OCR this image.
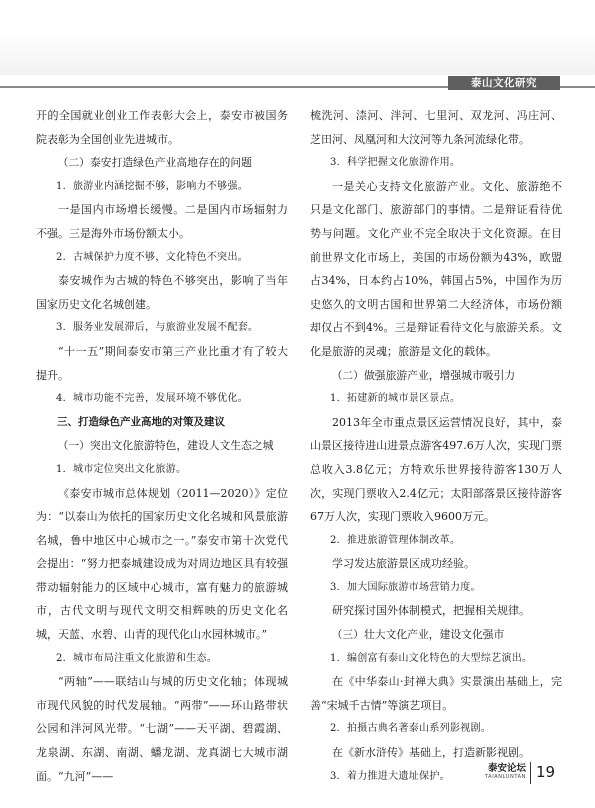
泰山文化研究

开的全国就业创业工作表彰大会上，泰安市被国务院表彰为全国创业先进城市。

（二）泰安打造绿色产业高地存在的问题

1．旅游业内涵挖掘不够，影响力不够强。

一是国内市场增长缓慢。二是国内市场辐射力不强。三是海外市场份额太小。

2．古城保护力度不够，文化特色不突出。

泰安城作为古城的特色不够突出，影响了当年国家历史文化名城创建。

3．服务业发展滞后，与旅游业发展不配套。

“十一五”期间泰安市第三产业比重才有了较大提升。

4．城市功能不完善，发展环境不够优化。

三、打造绿色产业高地的对策及建议

（一）突出文化旅游特色，建设人文生态之城

1．城市定位突出文化旅游。

《泰安市城市总体规划（2011—2020）》定位为：“以泰山为依托的国家历史文化名城和风景旅游名城，鲁中地区中心城市之一。”泰安市第十次党代会提出：“努力把泰城建设成为对周边地区具有较强带动辐射能力的区域中心城市，富有魅力的旅游城市，古代文明与现代文明交相辉映的历史文化名城，天蓝、水碧、山青的现代化山水园林城市。”

2．城市布局注重文化旅游和生态。

“两轴”——联结山与城的历史文化轴；体现城市现代风貌的时代发展轴。“两带”——环山路带状公园和泮河风光带。“七湖”——天平湖、碧霞湖、龙泉湖、东湖、南湖、蟠龙湖、龙真湖七大城市湖面。“九河”——

梳洗河、渿河、泮河、七里河、双龙河、冯庄河、芝田河、凤凰河和大汶河等九条河流绿化带。

3．科学把握文化旅游作用。

一是关心支持文化旅游产业。文化、旅游绝不只是文化部门、旅游部门的事情。二是辩证看待优势与问题。文化产业不完全取决于文化资源。在目前世界文化市场上，美国的市场份额为43%，欧盟占34%，日本约占10%，韩国占5%，中国作为历史悠久的文明古国和世界第二大经济体，市场份额却仅占不到4%。三是辩证看待文化与旅游关系。文化是旅游的灵魂；旅游是文化的载体。

（二）做强旅游产业，增强城市吸引力

1．拓建新的城市景区景点。

2013年全市重点景区运营情况良好，其中，泰山景区接待进山进景点游客497.6万人次，实现门票总收入3.8亿元；方特欢乐世界接待游客130万人次，实现门票收入2.4亿元；太阳部落景区接待游客67万人次，实现门票收入9600万元。

2．推进旅游管理体制改革。

学习发达旅游景区成功经验。

3．加大国际旅游市场营销力度。

研究探讨国外体制模式，把握相关规律。

（三）壮大文化产业，建设文化强市

1．编创富有泰山文化特色的大型综艺演出。

在《中华泰山·封禅大典》实景演出基础上，完善“宋城千古情”等演艺项目。

2．拍摄古典名著泰山系列影视剧。

在《新水浒传》基础上，打造新影视剧。

3．着力推进大遗址保护。

泰安论坛
TAIANLUNTAN 19
